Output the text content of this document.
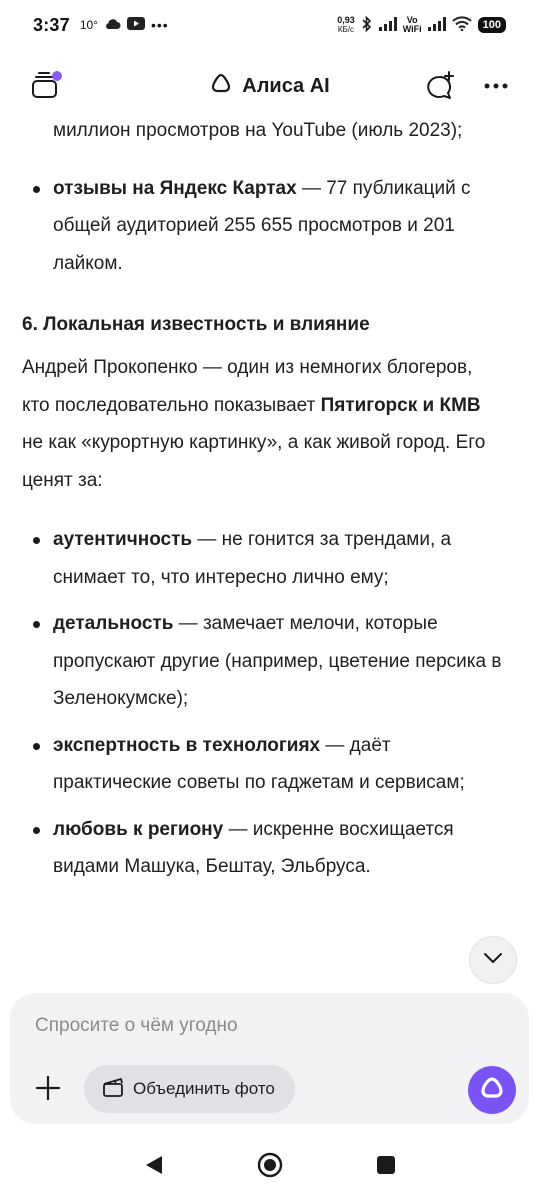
3:37 10°	•••	0,93
КБ/с
Vo
WiFi	100
Алиса AI
миллион просмотров на YouTube (июль 2023);
отзывы на Яндекс Картах — 77 публикаций с общей аудиторией 255 655 просмотров и 201 лайком.
6. Локальная известность и влияние
Андрей Прокопенко — один из немногих блогеров, кто последовательно показывает Пятигорск и КМВ не как «курортную картинку», а как живой город. Его ценят за:
аутентичность — не гонится за трендами, а снимает то, что интересно лично ему;
детальность — замечает мелочи, которые пропускают другие (например, цветение персика в Зеленокумске);
экспертность в технологиях — даёт практические советы по гаджетам и сервисам;
любовь к региону — искренне восхищается видами Машука, Бештау, Эльбруса.
Спросите о чём угодно
Объединить фото
